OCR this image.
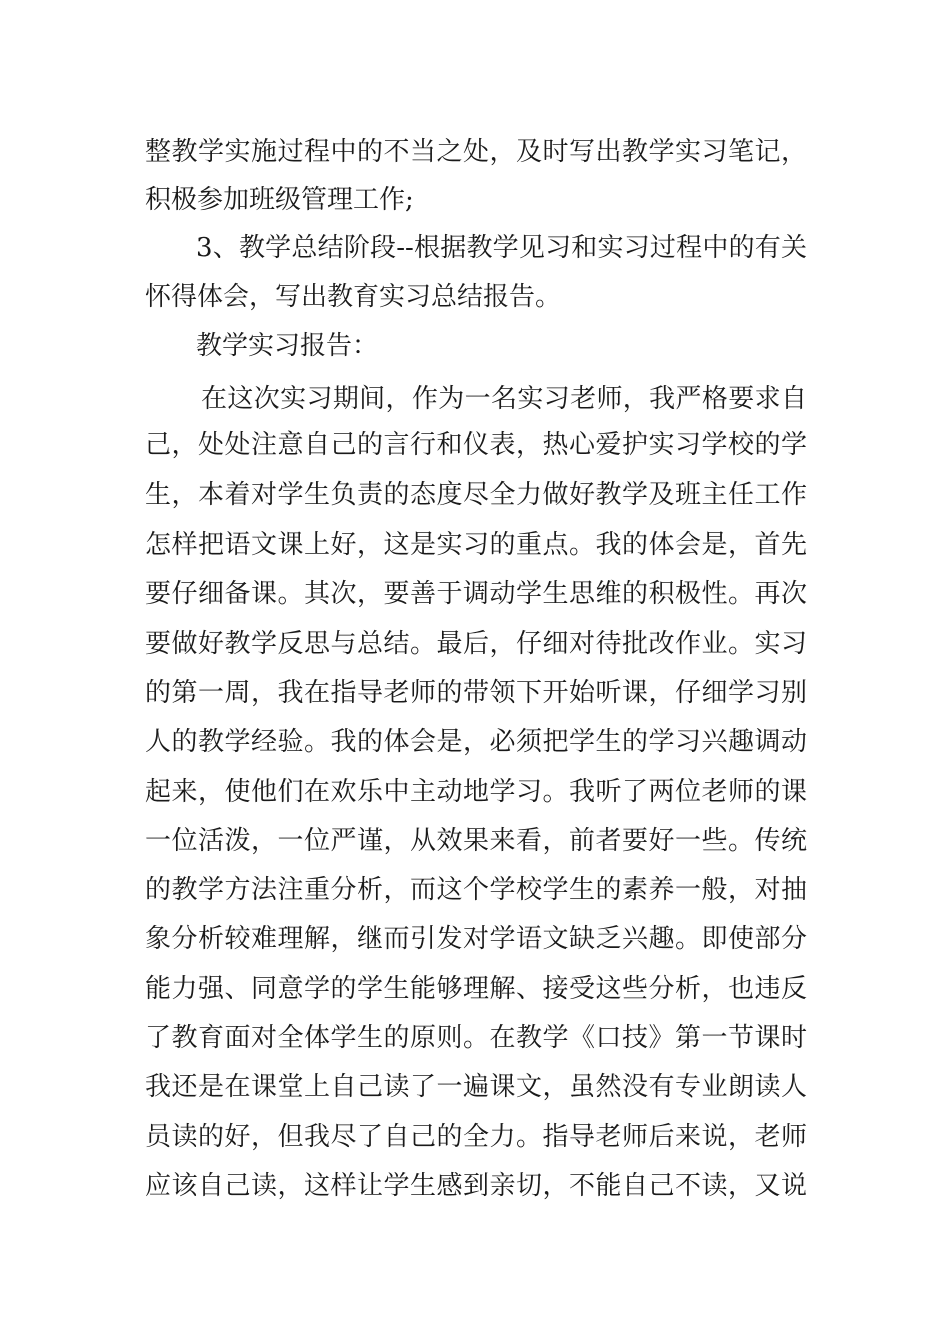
整教学实施过程中的不当之处，及时写出教学实习笔记，
积极参加班级管理工作;
3、教学总结阶段--根据教学见习和实习过程中的有关
怀得体会，写出教育实习总结报告。
教学实习报告：
在这次实习期间，作为一名实习老师，我严格要求自
己，处处注意自己的言行和仪表，热心爱护实习学校的学
生，本着对学生负责的态度尽全力做好教学及班主任工作
怎样把语文课上好，这是实习的重点。我的体会是，首先
要仔细备课。其次，要善于调动学生思维的积极性。再次
要做好教学反思与总结。最后，仔细对待批改作业。实习
的第一周，我在指导老师的带领下开始听课，仔细学习别
人的教学经验。我的体会是，必须把学生的学习兴趣调动
起来，使他们在欢乐中主动地学习。我听了两位老师的课
一位活泼，一位严谨，从效果来看，前者要好一些。传统
的教学方法注重分析，而这个学校学生的素养一般，对抽
象分析较难理解，继而引发对学语文缺乏兴趣。即使部分
能力强、同意学的学生能够理解、接受这些分析，也违反
了教育面对全体学生的原则。在教学《口技》第一节课时
我还是在课堂上自己读了一遍课文，虽然没有专业朗读人
员读的好，但我尽了自己的全力。指导老师后来说，老师
应该自己读，这样让学生感到亲切，不能自己不读，又说
